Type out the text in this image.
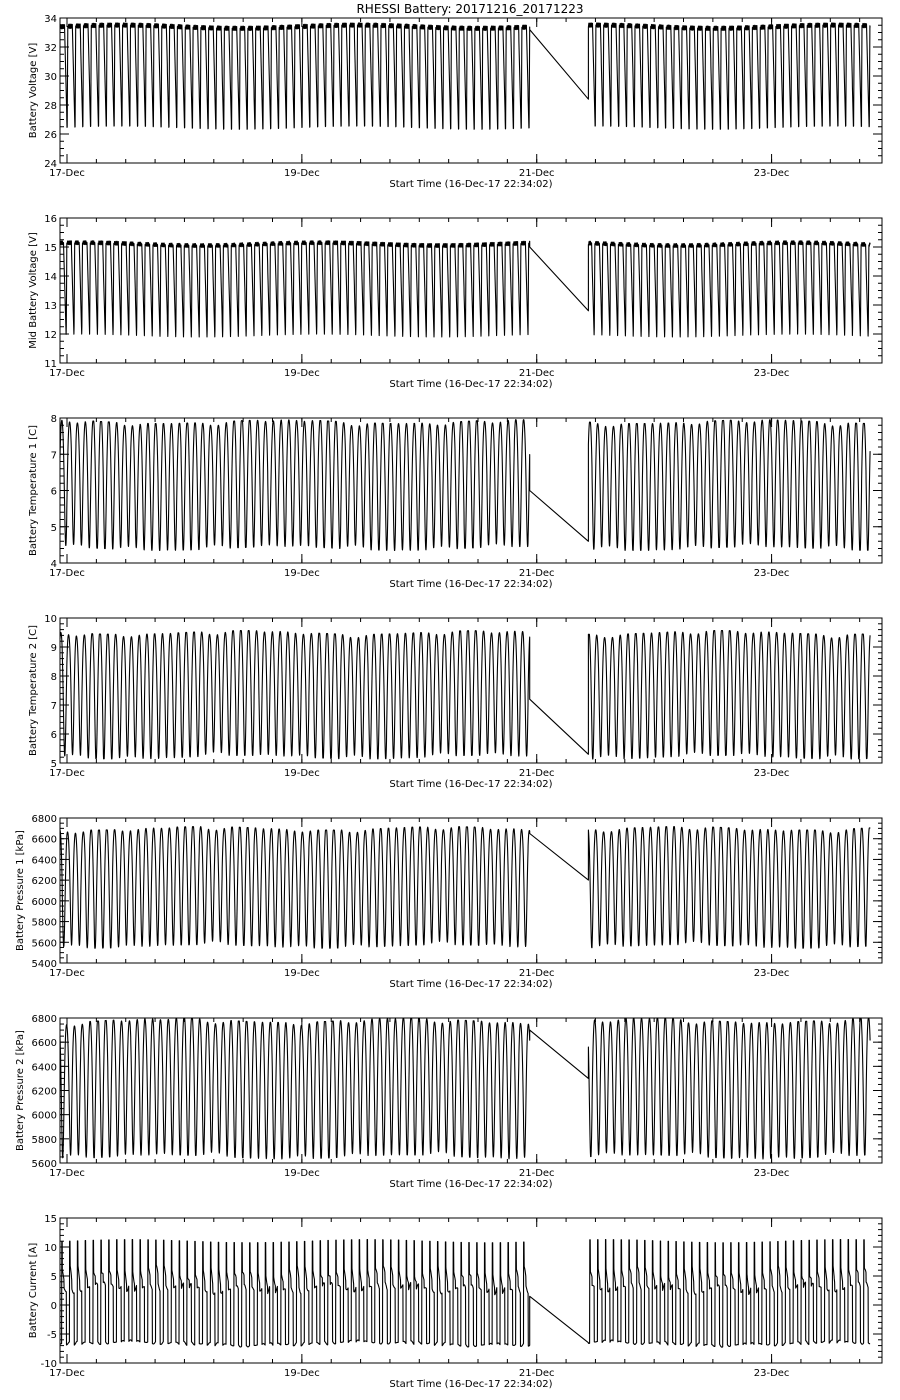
RHESSI Battery: 20171216_20171223
24
26
28
30
32
34
Battery Voltage [V]
17-Dec	19-Dec	21-Dec	23-Dec
Start Time (16-Dec-17 22:34:02)
11
12
13
14
15
16
Mid Battery Voltage [V]
17-Dec	19-Dec	21-Dec	23-Dec
Start Time (16-Dec-17 22:34:02)
4
5
6
7
8
Battery Temperature 1 [C]
17-Dec	19-Dec	21-Dec	23-Dec
Start Time (16-Dec-17 22:34:02)
5
6
7
8
9
10
Battery Temperature 2 [C]
17-Dec	19-Dec	21-Dec	23-Dec
Start Time (16-Dec-17 22:34:02)
5400
5600
5800
6000
6200
6400
6600
6800
Battery Pressure 1 [kPa]
17-Dec	19-Dec	21-Dec	23-Dec
Start Time (16-Dec-17 22:34:02)
5600
5800
6000
6200
6400
6600
6800
Battery Pressure 2 [kPa]
17-Dec	19-Dec	21-Dec	23-Dec
Start Time (16-Dec-17 22:34:02)
-10
-5
0
5
10
15
Battery Current [A]
17-Dec	19-Dec	21-Dec	23-Dec
Start Time (16-Dec-17 22:34:02)
